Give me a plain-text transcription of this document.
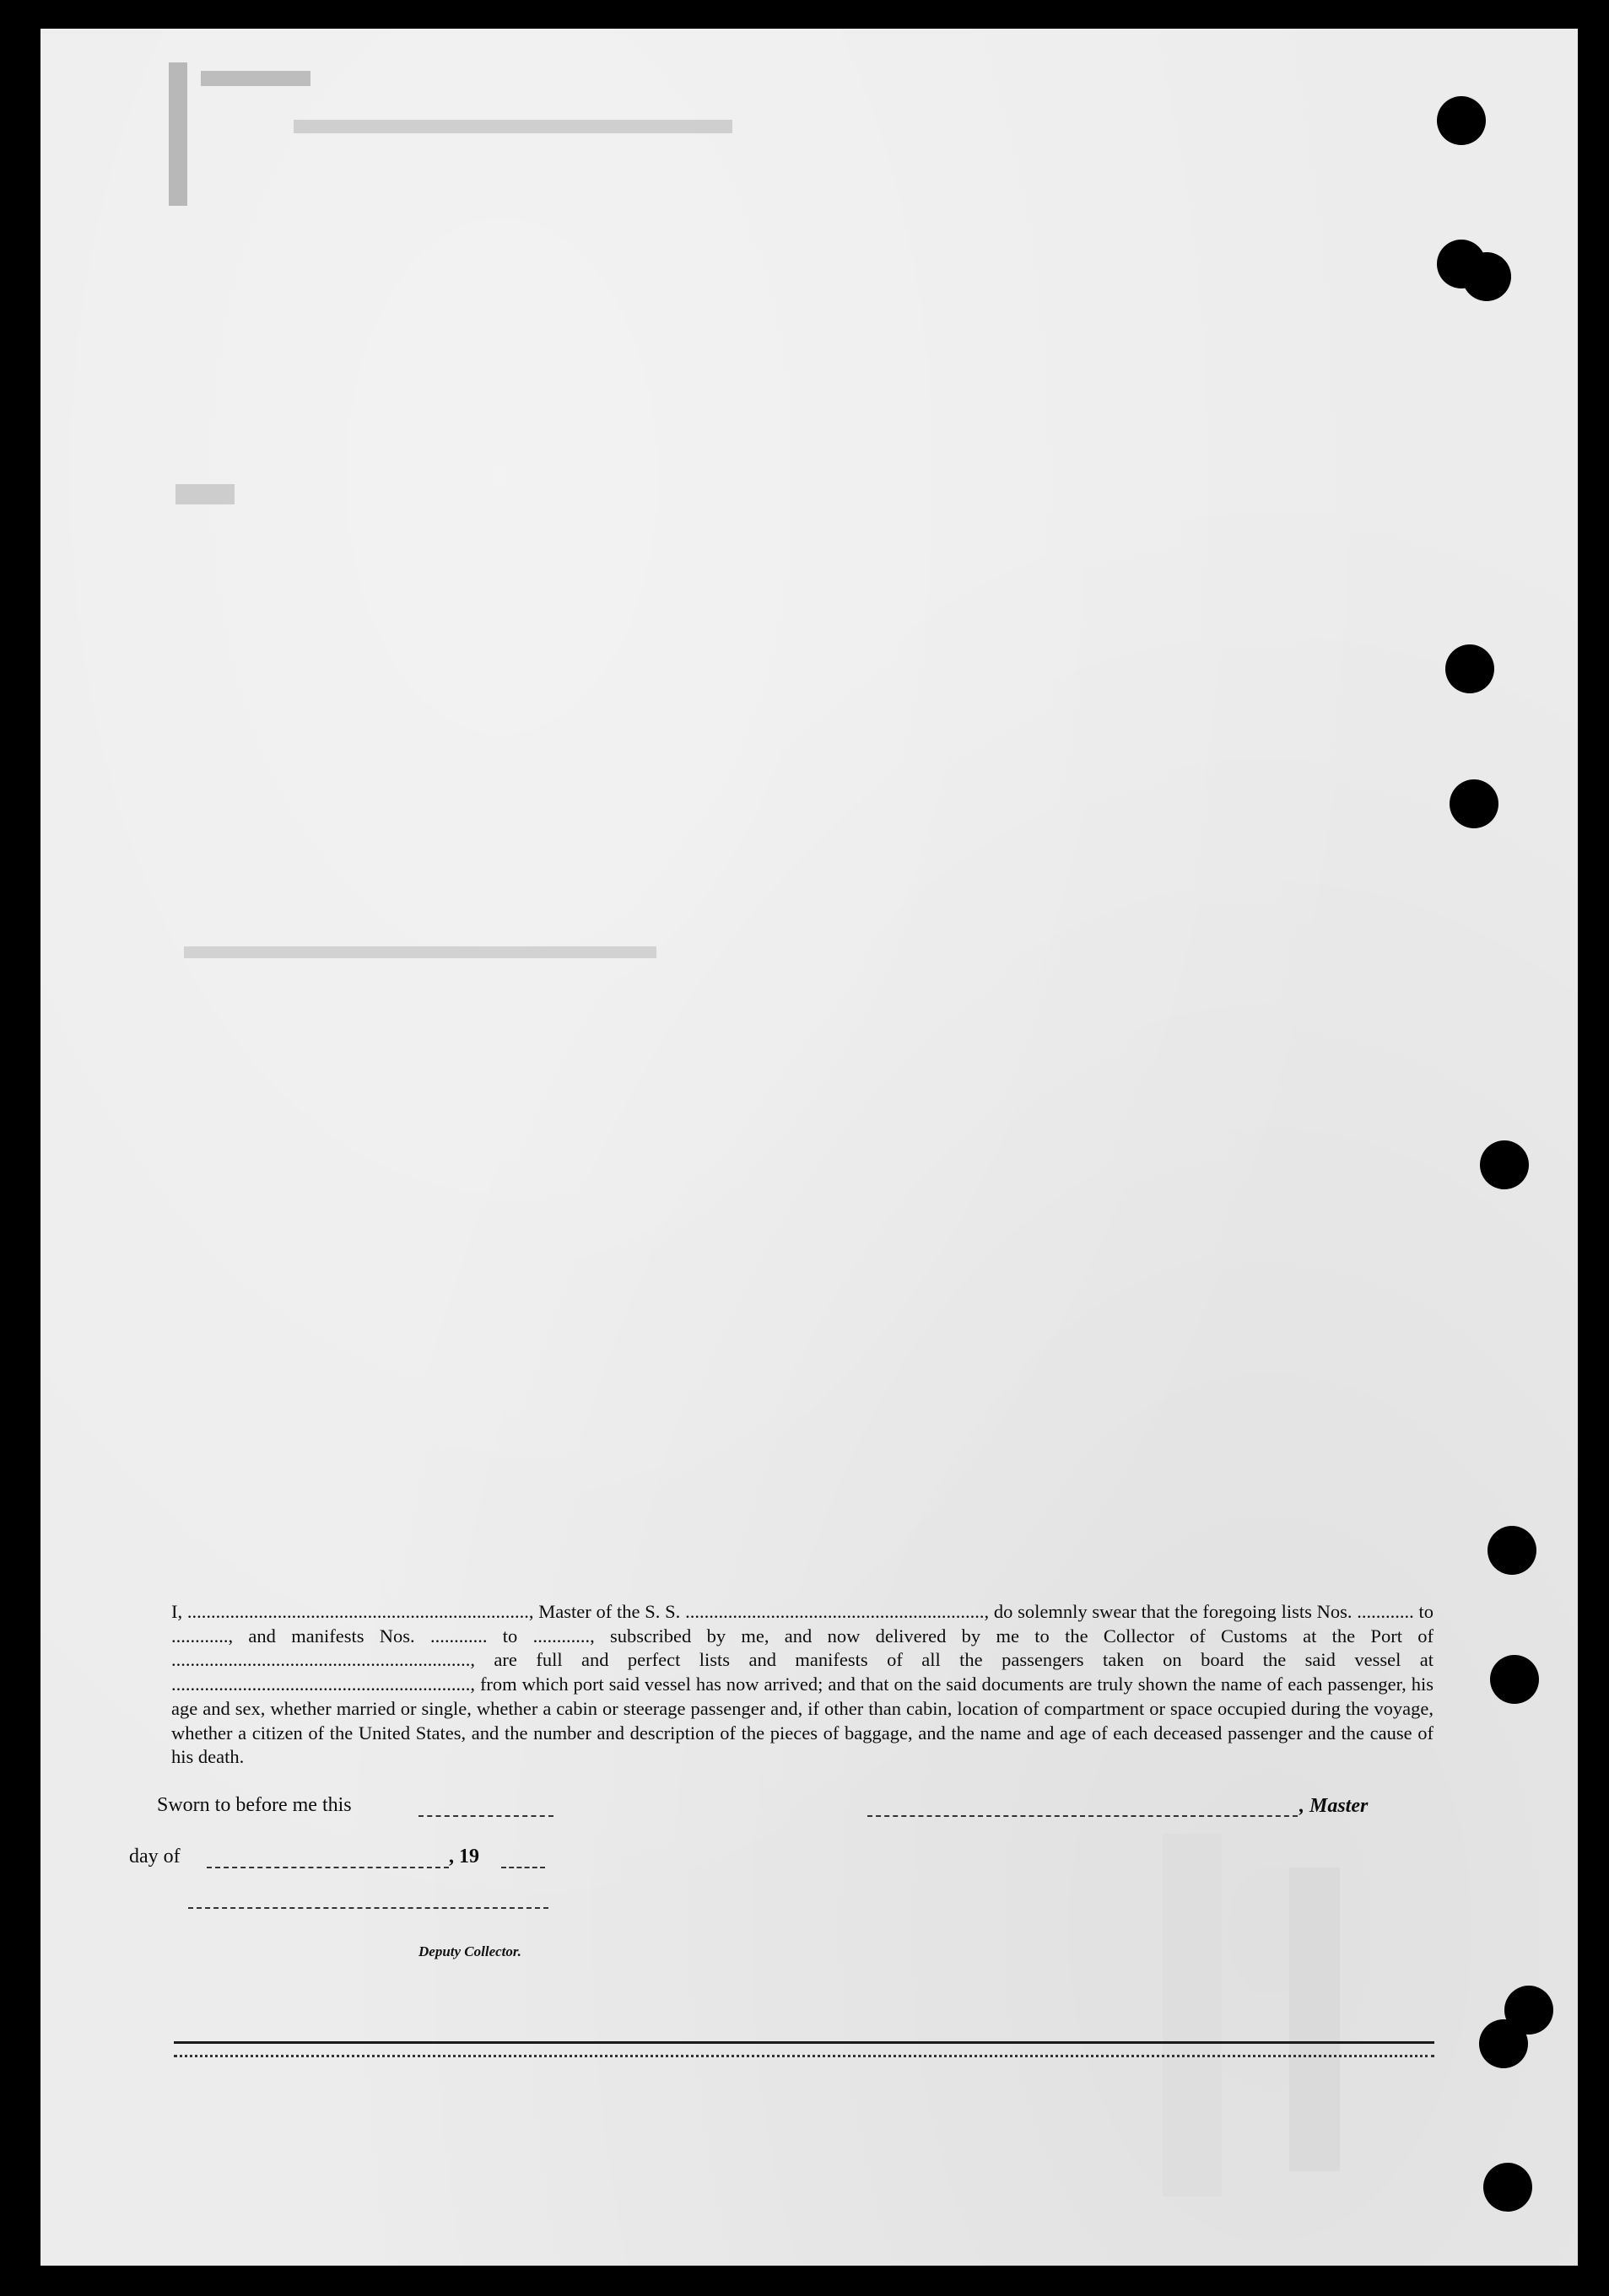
I, ........................................................................, Master of the S. S. ..............................................................., do solemnly swear that the foregoing lists Nos. ............ to ............, and manifests Nos. ............ to ............, subscribed by me, and now delivered by me to the Collector of Customs at the Port of ..............................................................., are full and perfect lists and manifests of all the passengers taken on board the said vessel at ..............................................................., from which port said vessel has now arrived; and that on the said documents are truly shown the name of each passenger, his age and sex, whether married or single, whether a cabin or steerage passenger and, if other than cabin, location of compartment or space occupied during the voyage, whether a citizen of the United States, and the number and description of the pieces of baggage, and the name and age of each deceased passenger and the cause of his death.

Sworn to before me this	, Master
day of	, 19
Deputy Collector.
